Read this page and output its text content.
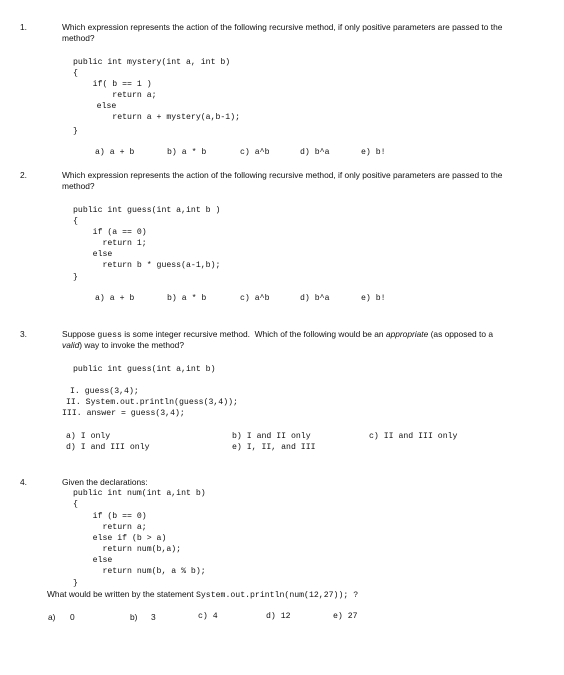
1.	Which expression represents the action of the following recursive method, if only positive parameters are passed to the
method?
public int mystery(int a, int b)
{
if( b == 1 )
return a;
else
return a + mystery(a,b-1);
}
a) a + b	b) a * b	c) a^b	d) b^a	e) b!
2.	Which expression represents the action of the following recursive method, if only positive parameters are passed to the
method?
public int guess(int a,int b )
{
if (a == 0)
return 1;
else
return b * guess(a-1,b);
}
a) a + b	b) a * b	c) a^b	d) b^a	e) b!
3.	Suppose guess is some integer recursive method.  Which of the following would be an appropriate (as opposed to a
valid) way to invoke the method?
public int guess(int a,int b)
I. guess(3,4);
II. System.out.println(guess(3,4));
III. answer = guess(3,4);
a) I only
d) I and III only
b) I and II only
e) I, II, and III
c) II and III only
4.	Given the declarations:
public int num(int a,int b)
{
if (b == 0)
return a;
else if (b > a)
return num(b,a);
else
return num(b, a % b);
}
What would be written by the statement System.out.println(num(12,27)); ?
a) 0	b) 3	c) 4	d) 12	e) 27
